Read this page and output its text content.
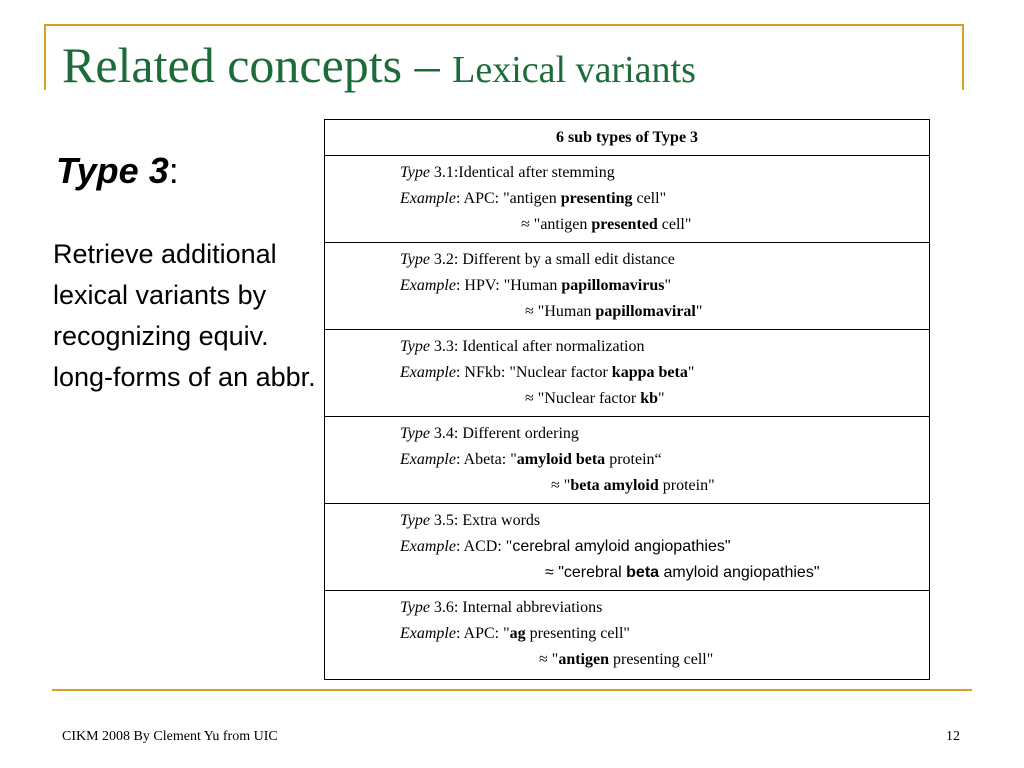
Related concepts – Lexical variants
Type 3:
Retrieve additional lexical variants by recognizing equiv. long-forms of an abbr.
6 sub types of Type 3
Type 3.1:Identical after stemming
Example: APC: "antigen presenting cell"
≈ "antigen presented cell"
Type 3.2: Different by a small edit distance
Example: HPV: "Human papillomavirus"
≈ "Human papillomaviral"
Type 3.3: Identical after normalization
Example: NFkb: "Nuclear factor kappa beta"
≈ "Nuclear factor kb"
Type 3.4: Different ordering
Example: Abeta: "amyloid beta protein“
≈ "beta amyloid protein"
Type 3.5: Extra words
Example: ACD: "cerebral amyloid angiopathies"
≈ "cerebral beta amyloid angiopathies"
Type 3.6: Internal abbreviations
Example: APC: "ag presenting cell"
≈ "antigen presenting cell"
CIKM 2008 By Clement Yu from UIC	12
